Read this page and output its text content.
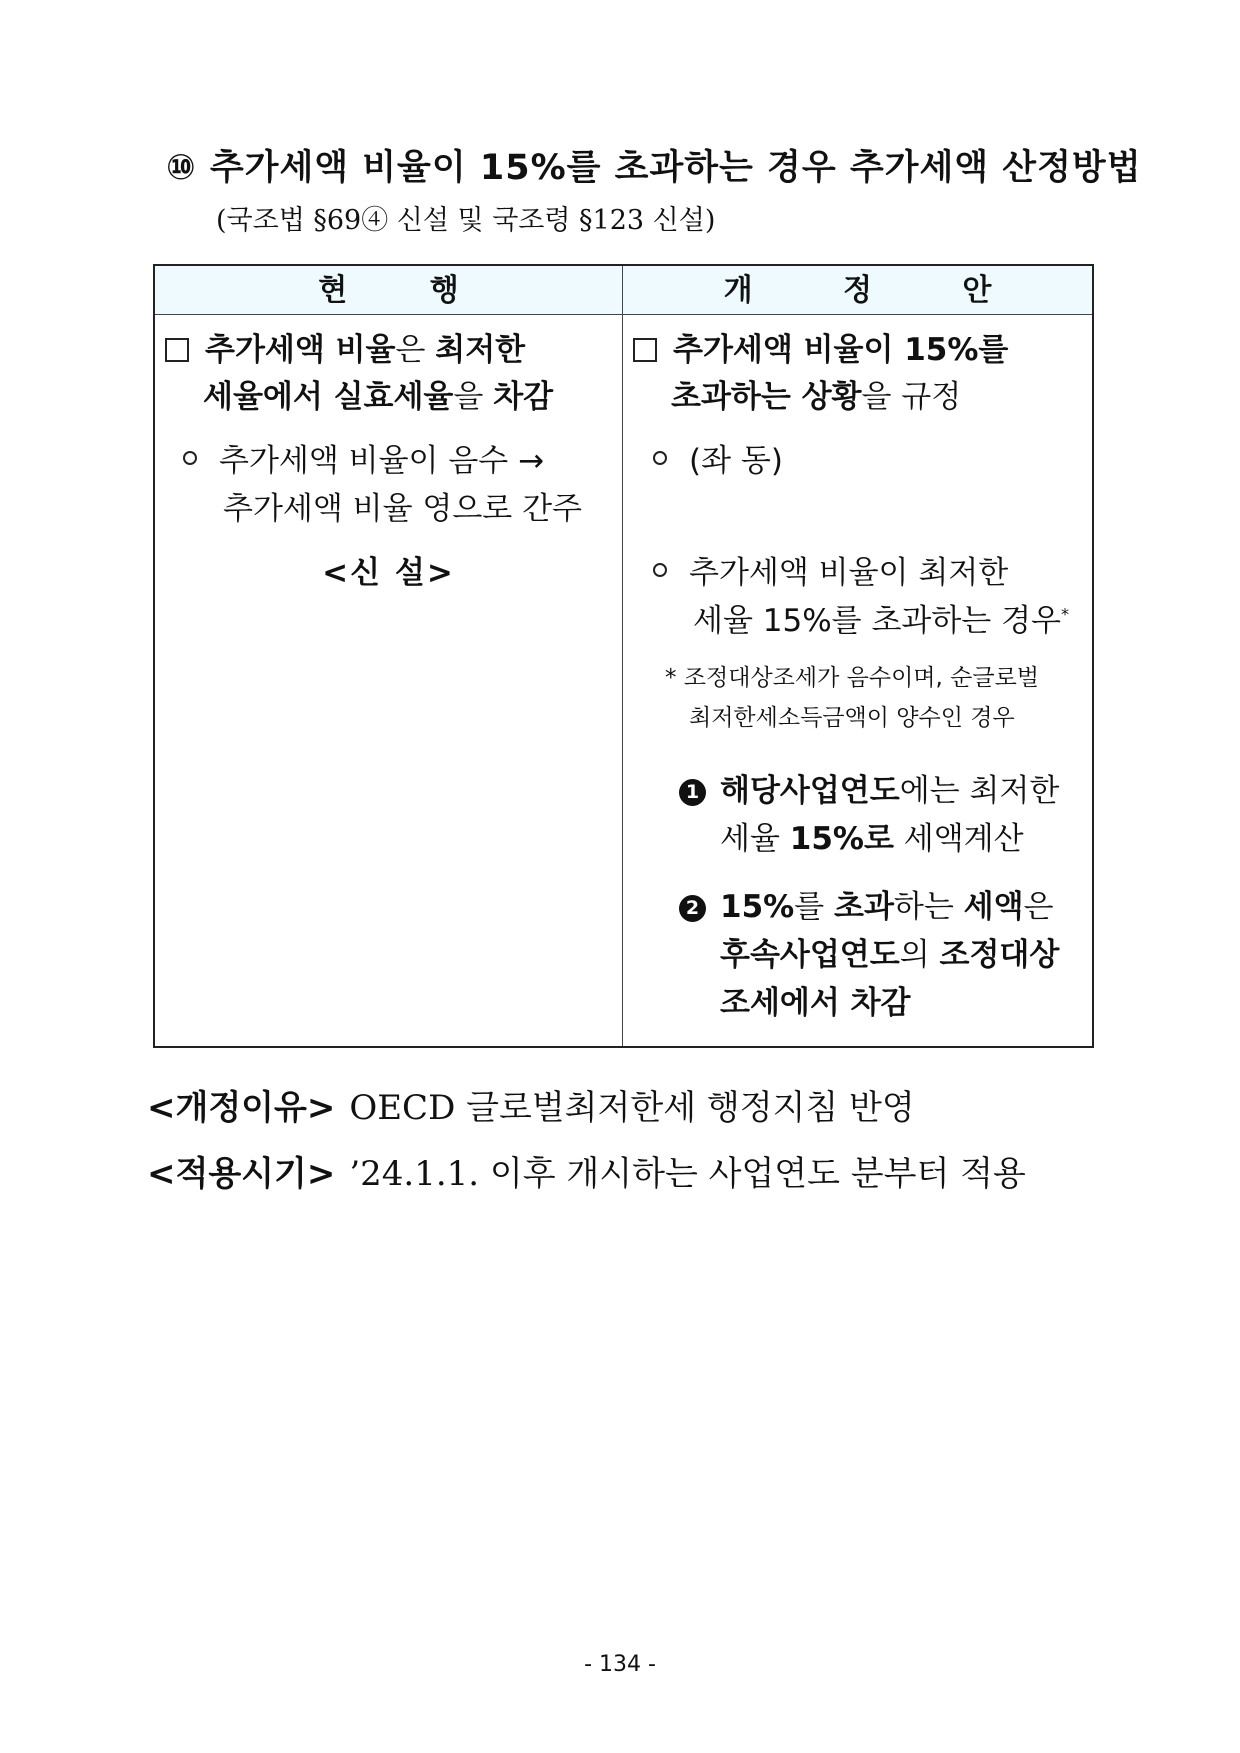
⑩ 추가세액 비율이 15%를 초과하는 경우 추가세액 산정방법
(국조법 §69④ 신설 및 국조령 §123 신설)
현 행	개 정 안
추가세액 비율은 최저한
세율에서 실효세율을 차감
추가세액 비율이 음수 →
추가세액 비율 영으로 간주
<신 설>
추가세액 비율이 15%를
초과하는 상황을 규정
(좌 동)
추가세액 비율이 최저한
세율 15%를 초과하는 경우*
* 조정대상조세가 음수이며, 순글로벌
최저한세소득금액이 양수인 경우
1 해당사업연도에는 최저한
세율 15%로 세액계산
2 15%를 초과하는 세액은
후속사업연도의 조정대상
조세에서 차감
<개정이유> OECD 글로벌최저한세 행정지침 반영
<적용시기> ’24.1.1. 이후 개시하는 사업연도 분부터 적용
- 134 -
